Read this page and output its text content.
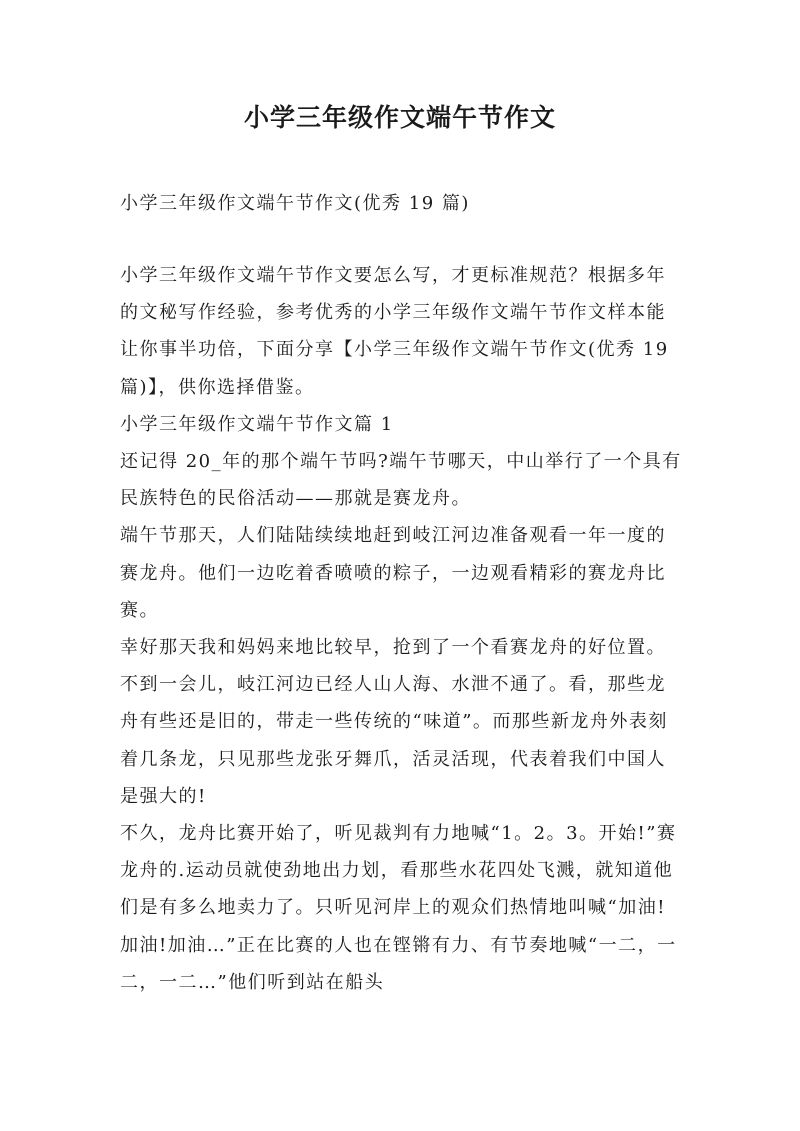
小学三年级作文端午节作文

小学三年级作文端午节作文(优秀 19 篇)

小学三年级作文端午节作文要怎么写，才更标准规范？根据多年的文秘写作经验，参考优秀的小学三年级作文端午节作文样本能让你事半功倍，下面分享【小学三年级作文端午节作文(优秀 19 篇)】，供你选择借鉴。

小学三年级作文端午节作文篇 1

还记得 20_年的那个端午节吗?端午节哪天，中山举行了一个具有民族特色的民俗活动——那就是赛龙舟。

端午节那天，人们陆陆续续地赶到岐江河边准备观看一年一度的赛龙舟。他们一边吃着香喷喷的粽子，一边观看精彩的赛龙舟比赛。

幸好那天我和妈妈来地比较早，抢到了一个看赛龙舟的好位置。不到一会儿，岐江河边已经人山人海、水泄不通了。看，那些龙舟有些还是旧的，带走一些传统的“味道”。而那些新龙舟外表刻着几条龙，只见那些龙张牙舞爪，活灵活现，代表着我们中国人是强大的!

不久，龙舟比赛开始了，听见裁判有力地喊“1。2。3。开始!”赛龙舟的.运动员就使劲地出力划，看那些水花四处飞溅，就知道他们是有多么地卖力了。只听见河岸上的观众们热情地叫喊“加油!加油!加油…”正在比赛的人也在铿锵有力、有节奏地喊“一二，一二，一二…”他们听到站在船头
